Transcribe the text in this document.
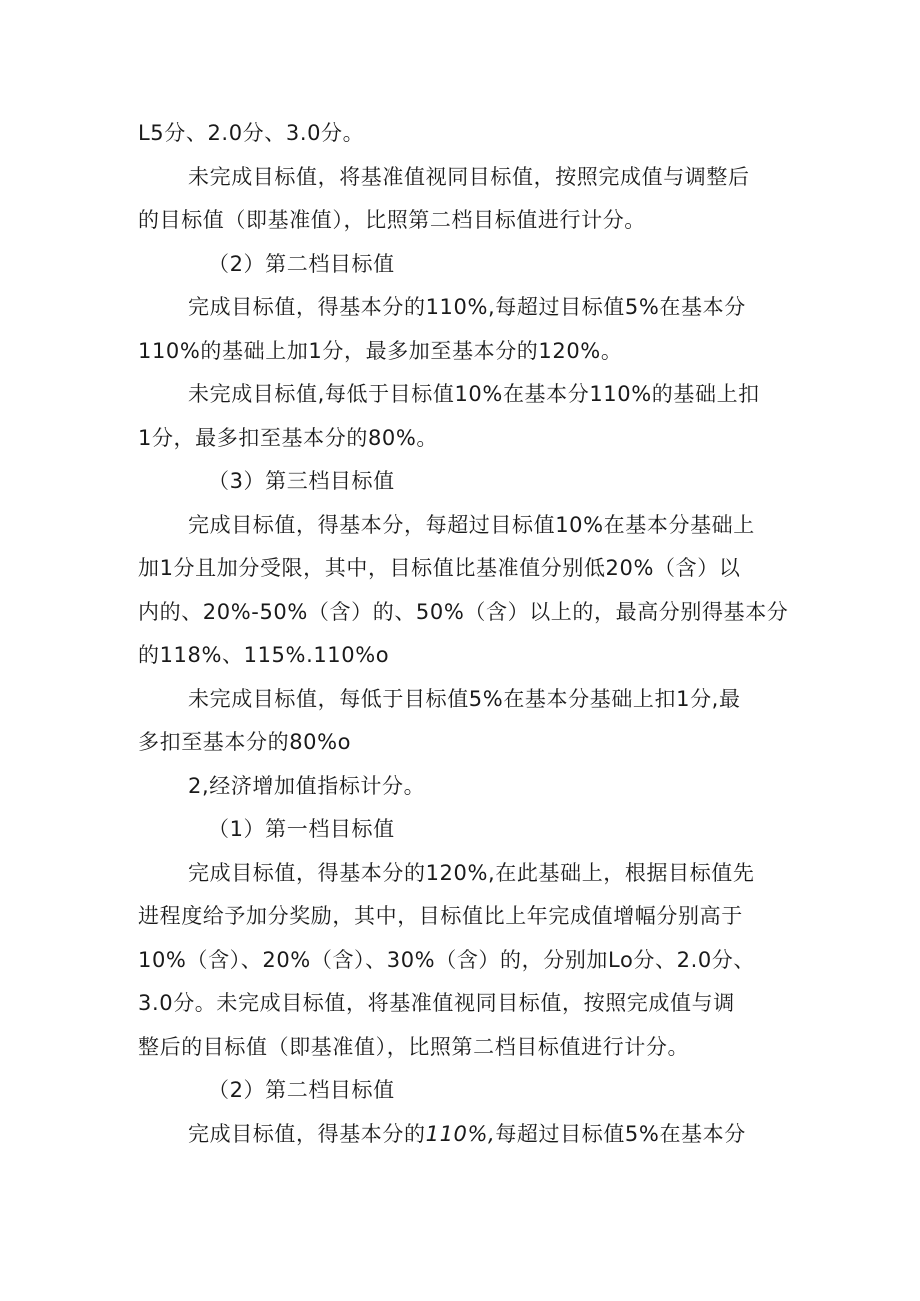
L5分、2.0分、3.0分。
未完成目标值，将基准值视同目标值，按照完成值与调整后
的目标值（即基准值），比照第二档目标值进行计分。
（2）第二档目标值
完成目标值，得基本分的110%,每超过目标值5%在基本分
110%的基础上加1分，最多加至基本分的120%。
未完成目标值,每低于目标值10%在基本分110%的基础上扣
1分，最多扣至基本分的80%。
（3）第三档目标值
完成目标值，得基本分，每超过目标值10%在基本分基础上
加1分且加分受限，其中，目标值比基准值分别低20%（含）以
内的、20%-50%（含）的、50%（含）以上的，最高分别得基本分
的118%、115%.110%o
未完成目标值，每低于目标值5%在基本分基础上扣1分,最
多扣至基本分的80%o
2,经济增加值指标计分。
（1）第一档目标值
完成目标值，得基本分的120%,在此基础上，根据目标值先
进程度给予加分奖励，其中，目标值比上年完成值增幅分别高于
10%（含）、20%（含）、30%（含）的，分别加Lo分、2.0分、
3.0分。未完成目标值，将基准值视同目标值，按照完成值与调
整后的目标值（即基准值），比照第二档目标值进行计分。
（2）第二档目标值
完成目标值，得基本分的110%,每超过目标值5%在基本分
